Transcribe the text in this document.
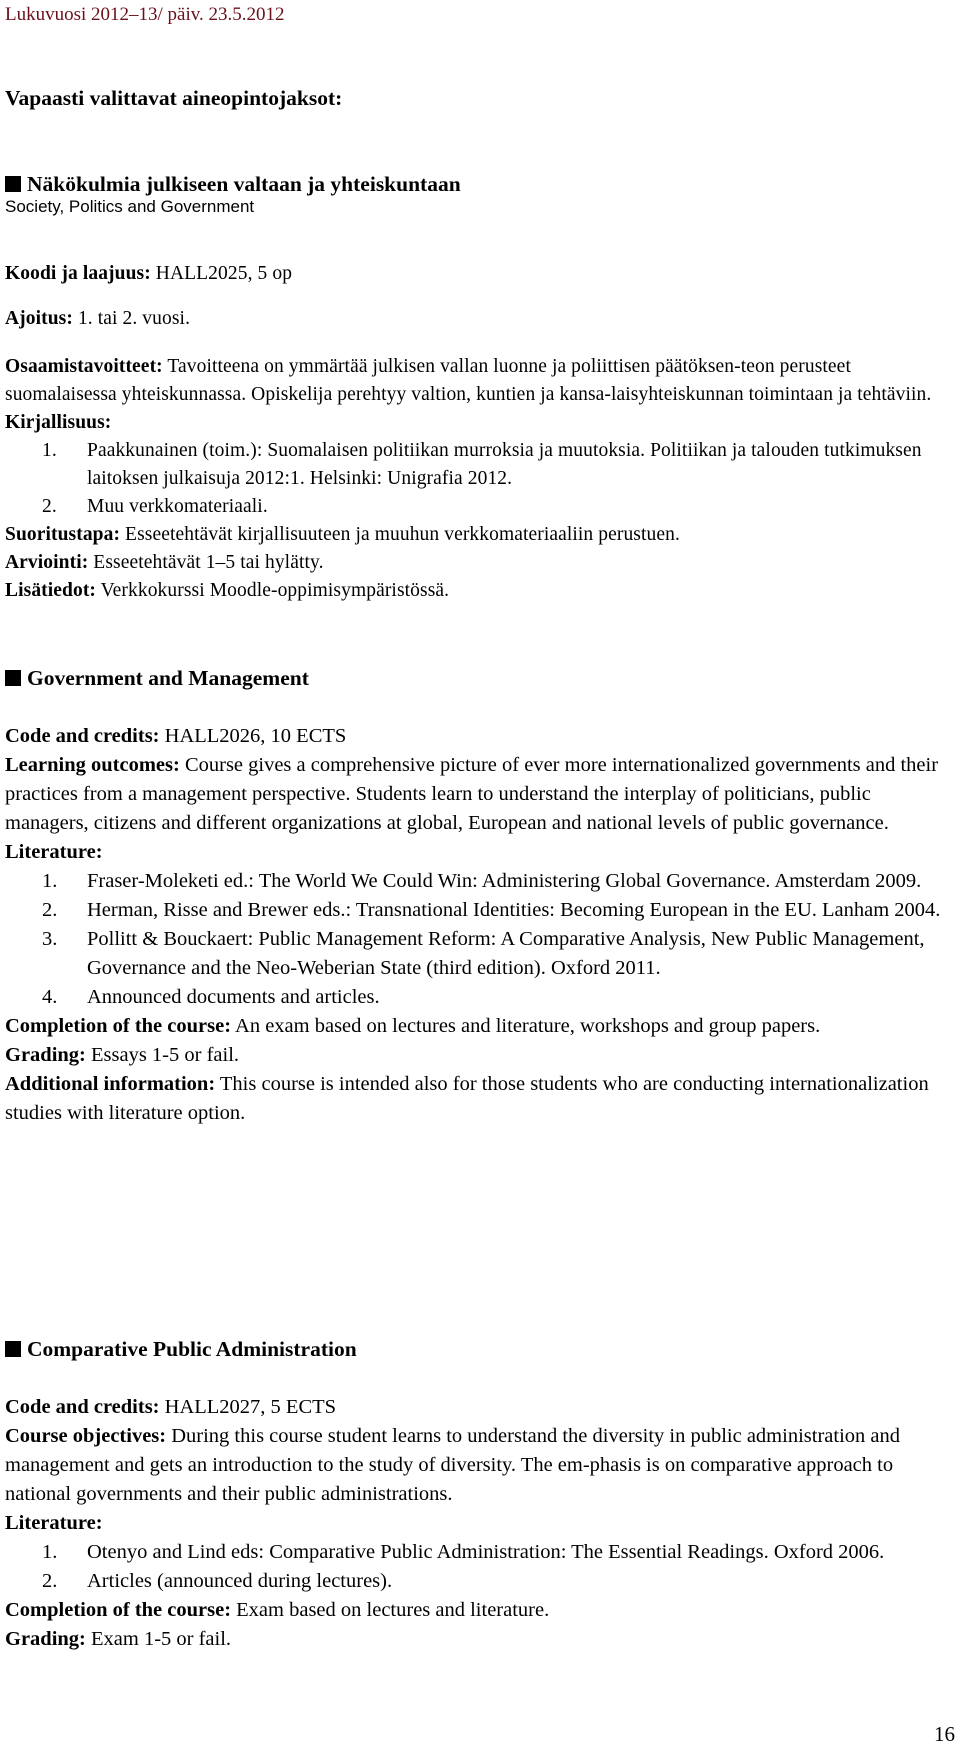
Lukuvuosi 2012–13/ päiv. 23.5.2012

Vapaasti valittavat aineopintojaksot:

Näkökulmia julkiseen valtaan ja yhteiskuntaan

Society, Politics and Government

Koodi ja laajuus: HALL2025, 5 op

Ajoitus: 1. tai 2. vuosi.

Osaamistavoitteet: Tavoitteena on ymmärtää julkisen vallan luonne ja poliittisen päätöksen-teon perusteet suomalaisessa yhteiskunnassa. Opiskelija perehtyy valtion, kuntien ja kansa-laisyhteiskunnan toimintaan ja tehtäviin.

Kirjallisuus:

1. Paakkunainen (toim.): Suomalaisen politiikan murroksia ja muutoksia. Politiikan ja talouden tutkimuksen laitoksen julkaisuja 2012:1. Helsinki: Unigrafia 2012.
2. Muu verkkomateriaali.

Suoritustapa: Esseetehtävät kirjallisuuteen ja muuhun verkkomateriaaliin perustuen.

Arviointi: Esseetehtävät 1–5 tai hylätty.

Lisätiedot: Verkkokurssi Moodle-oppimisympäristössä.

Government and Management

Code and credits: HALL2026, 10 ECTS

Learning outcomes: Course gives a comprehensive picture of ever more internationalized governments and their practices from a management perspective. Students learn to understand the interplay of politicians, public managers, citizens and different organizations at global, European and national levels of public governance.

Literature:

1. Fraser-Moleketi ed.: The World We Could Win: Administering Global Governance. Amsterdam 2009.
2. Herman, Risse and Brewer eds.: Transnational Identities: Becoming European in the EU. Lanham 2004.
3. Pollitt & Bouckaert: Public Management Reform: A Comparative Analysis, New Public Management, Governance and the Neo-Weberian State (third edition). Oxford 2011.
4. Announced documents and articles.

Completion of the course: An exam based on lectures and literature, workshops and group papers.

Grading: Essays 1-5 or fail.

Additional information: This course is intended also for those students who are conducting internationalization studies with literature option.

Comparative Public Administration

Code and credits: HALL2027, 5 ECTS

Course objectives: During this course student learns to understand the diversity in public administration and management and gets an introduction to the study of diversity. The em-phasis is on comparative approach to national governments and their public administrations.

Literature:

1. Otenyo and Lind eds: Comparative Public Administration: The Essential Readings. Oxford 2006.
2. Articles (announced during lectures).

Completion of the course: Exam based on lectures and literature.

Grading: Exam 1-5 or fail.

16
